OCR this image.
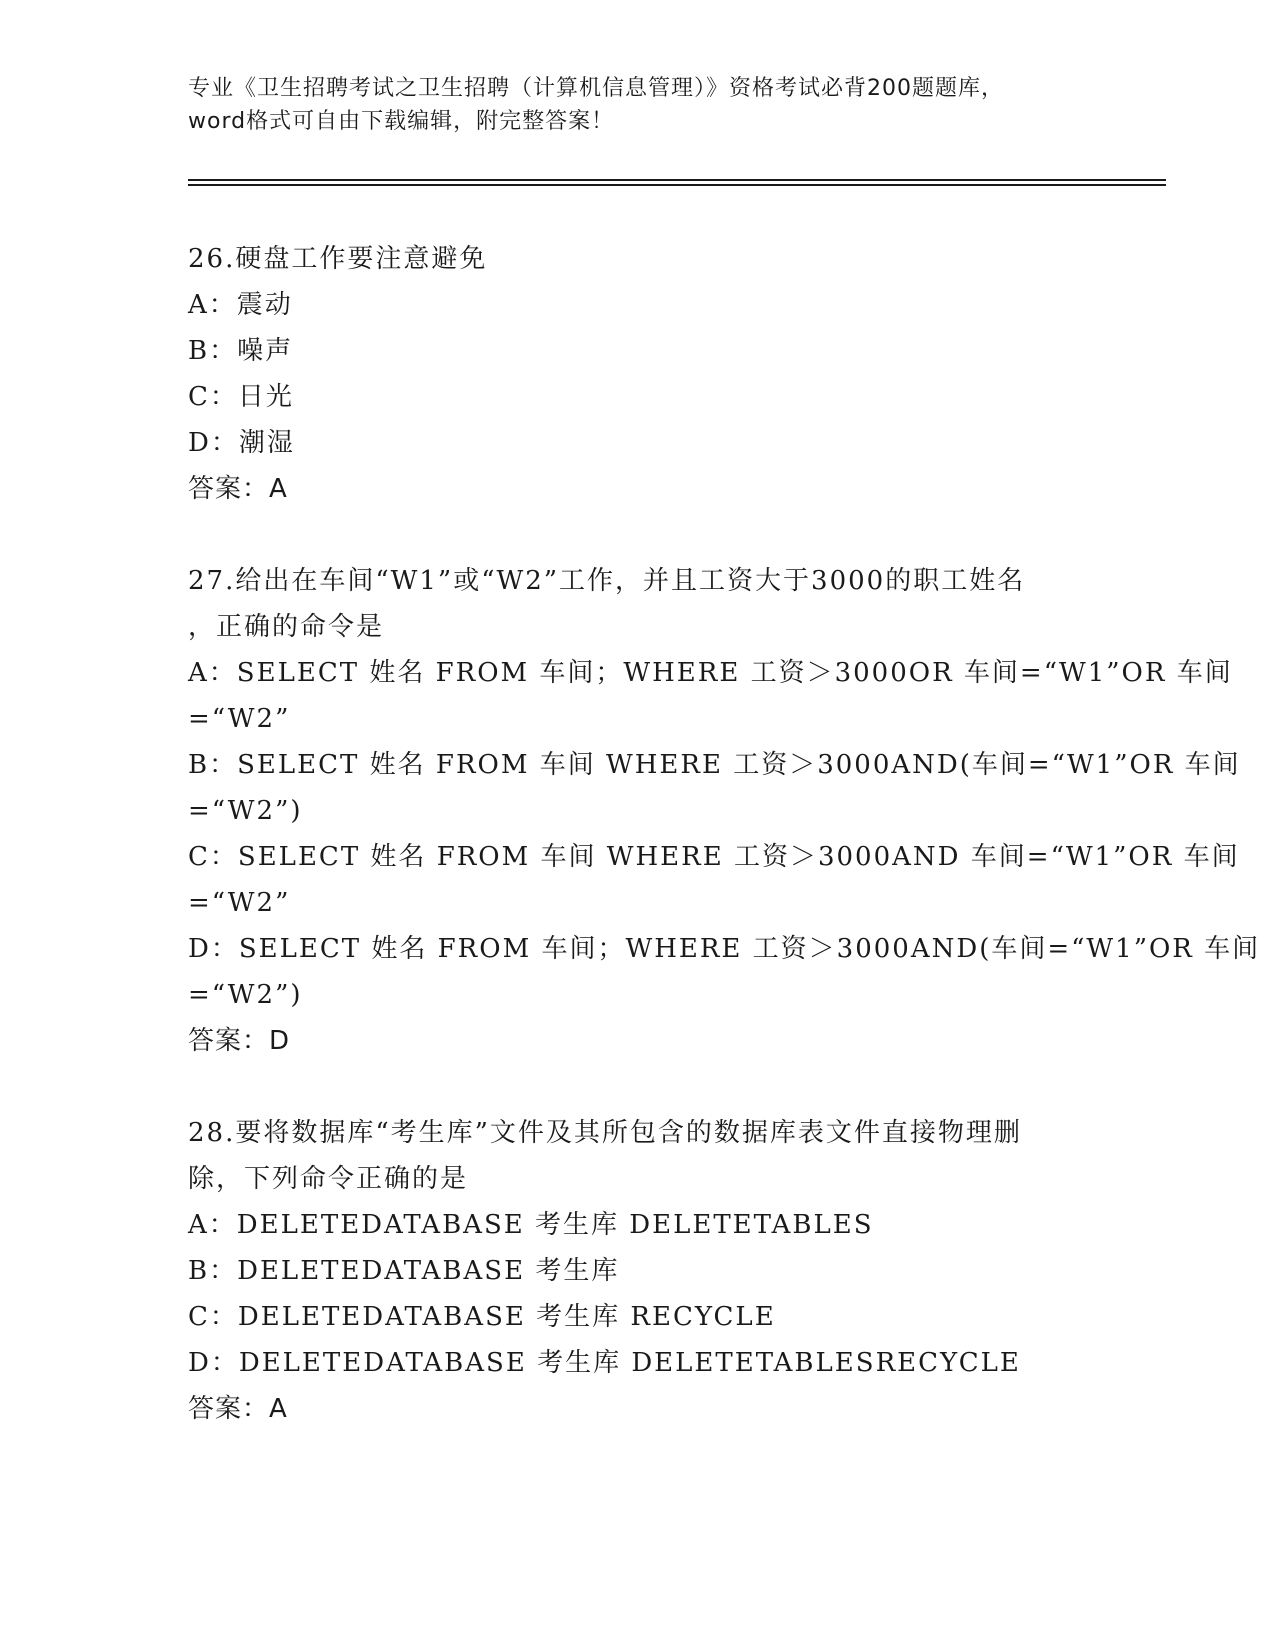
专业《卫生招聘考试之卫生招聘（计算机信息管理）》资格考试必背200题题库，
word格式可自由下载编辑，附完整答案！
26.硬盘工作要注意避免
A：震动
B：噪声
C：日光
D：潮湿
答案：A
27.给出在车间“W1”或“W2”工作，并且工资大于3000的职工姓名
，正确的命令是
A：SELECT 姓名 FROM 车间；WHERE 工资＞3000OR 车间=“W1”OR 车间
=“W2”
B：SELECT 姓名 FROM 车间 WHERE 工资＞3000AND(车间=“W1”OR 车间
=“W2”)
C：SELECT 姓名 FROM 车间 WHERE 工资＞3000AND 车间=“W1”OR 车间
=“W2”
D：SELECT 姓名 FROM 车间；WHERE 工资＞3000AND(车间=“W1”OR 车间
=“W2”)
答案：D
28.要将数据库“考生库”文件及其所包含的数据库表文件直接物理删
除，下列命令正确的是
A：DELETEDATABASE 考生库 DELETETABLES
B：DELETEDATABASE 考生库
C：DELETEDATABASE 考生库 RECYCLE
D：DELETEDATABASE 考生库 DELETETABLESRECYCLE
答案：A
